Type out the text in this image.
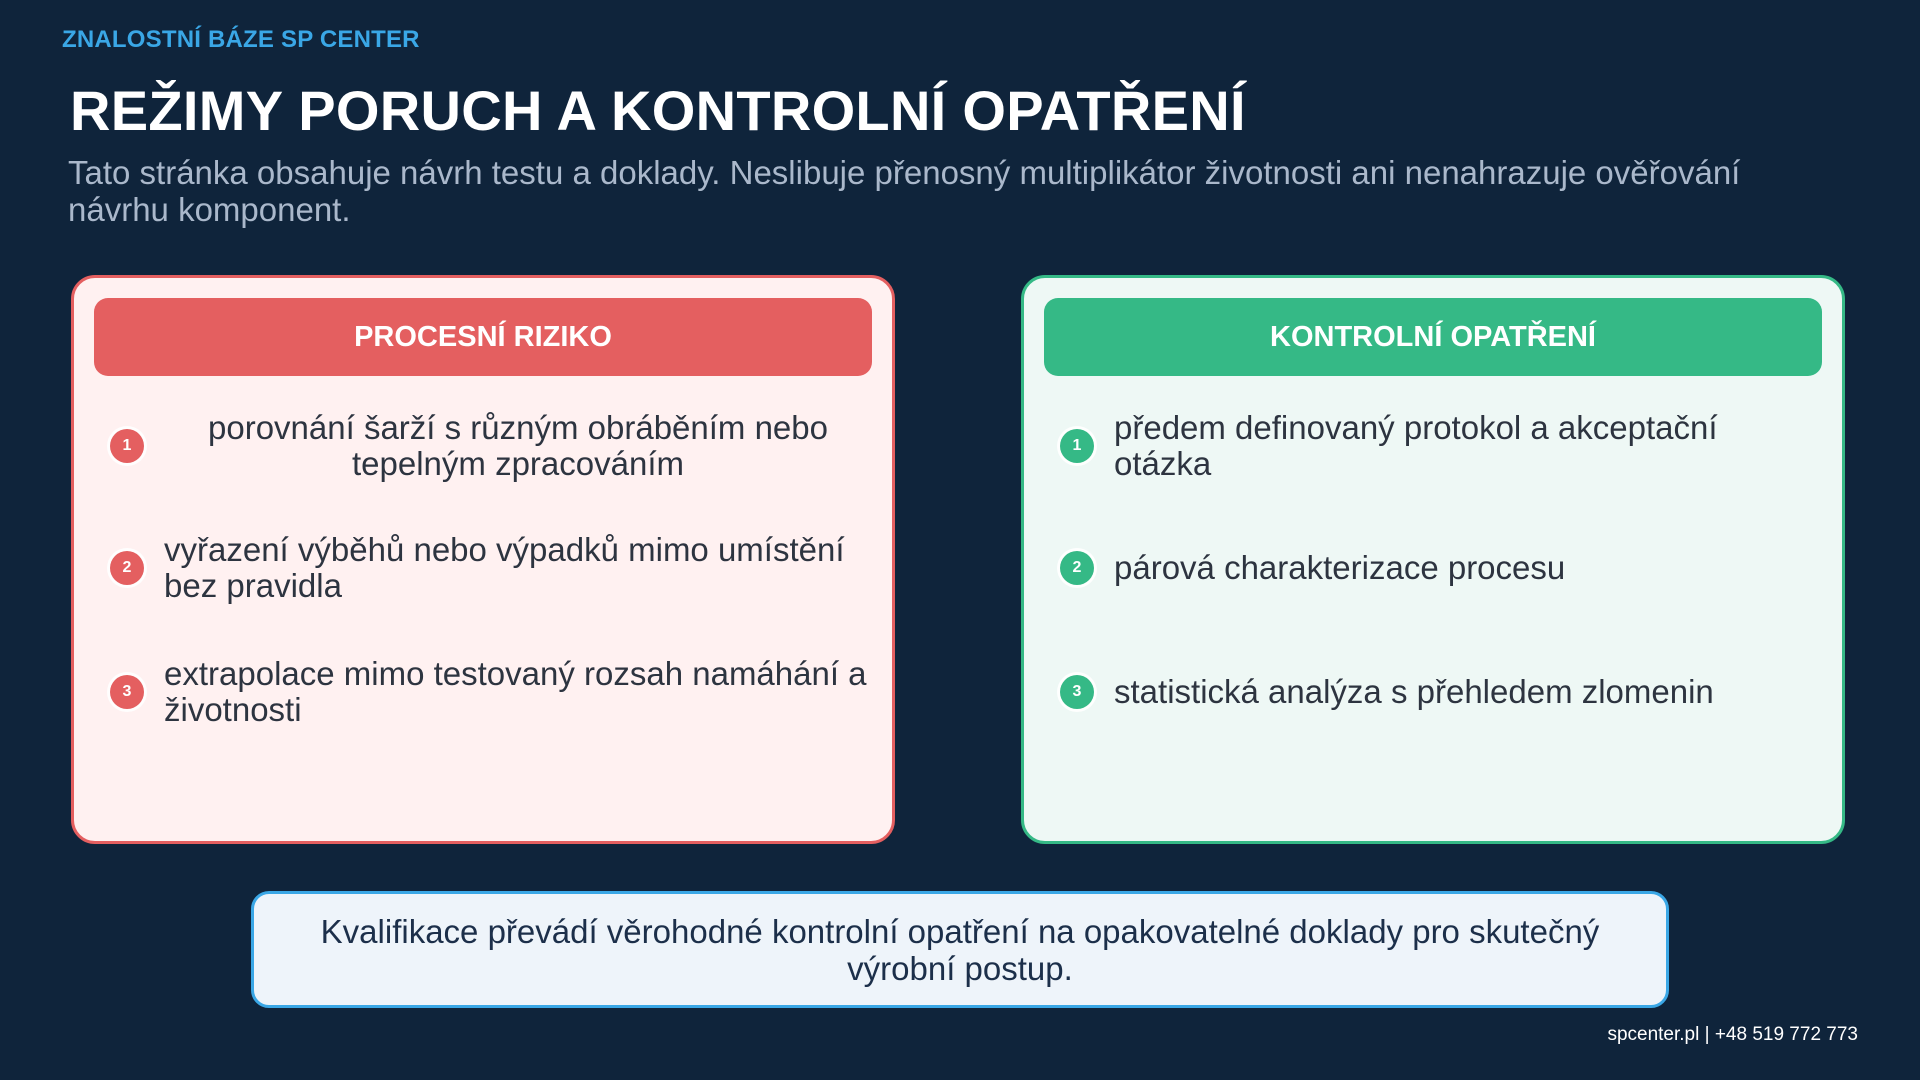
ZNALOSTNÍ BÁZE SP CENTER
REŽIMY PORUCH A KONTROLNÍ OPATŘENÍ

Tato stránka obsahuje návrh testu a doklady. Neslibuje přenosný multiplikátor životnosti ani nenahrazuje ověřování návrhu komponent.

PROCESNÍ RIZIKO
1	porovnání šarží s různým obráběním nebo tepelným zpracováním
2 vyřazení výběhů nebo výpadků mimo umístění bez pravidla
3 extrapolace mimo testovaný rozsah namáhání a životnosti
KONTROLNÍ OPATŘENÍ
1 předem definovaný protokol a akceptační otázka
2 párová charakterizace procesu
3 statistická analýza s přehledem zlomenin
Kvalifikace převádí věrohodné kontrolní opatření na opakovatelné doklady pro skutečný výrobní postup.
spcenter.pl | +48 519 772 773
